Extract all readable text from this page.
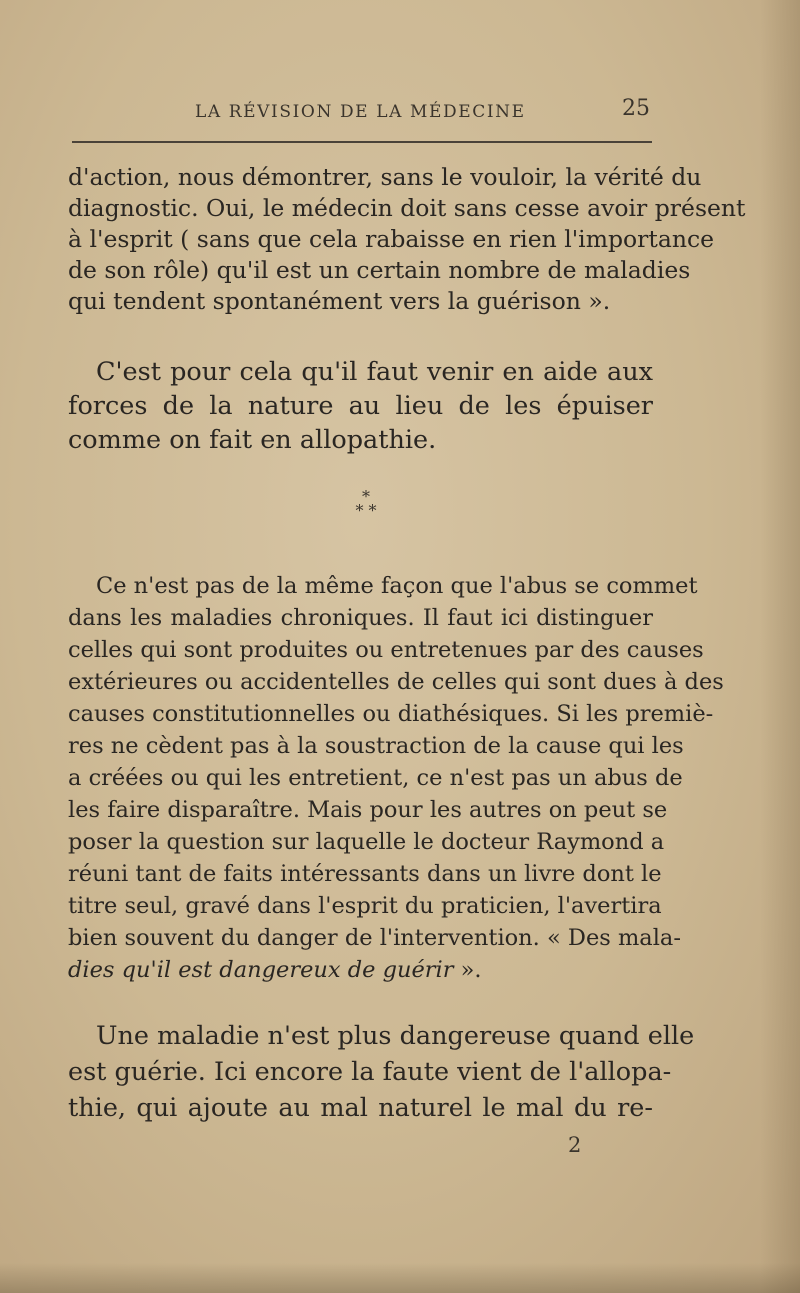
LA RÉVISION DE LA MÉDECINE	25
d'action, nous démontrer, sans le vouloir, la vérité du
diagnostic. Oui, le médecin doit sans cesse avoir présent
à l'esprit ( sans que cela rabaisse en rien l'importance
de son rôle) qu'il est un certain nombre de maladies
qui tendent spontanément vers la guérison ».
C'est pour cela qu'il faut venir en aide aux
forces de la nature au lieu de les épuiser
comme on fait en allopathie.
*
* *
Ce n'est pas de la même façon que l'abus se commet
dans les maladies chroniques. Il faut ici distinguer
celles qui sont produites ou entretenues par des causes
extérieures ou accidentelles de celles qui sont dues à des
causes constitutionnelles ou diathésiques. Si les premiè-
res ne cèdent pas à la soustraction de la cause qui les
a créées ou qui les entretient, ce n'est pas un abus de
les faire disparaître. Mais pour les autres on peut se
poser la question sur laquelle le docteur Raymond a
réuni tant de faits intéressants dans un livre dont le
titre seul, gravé dans l'esprit du praticien, l'avertira
bien souvent du danger de l'intervention. « Des mala-
dies qu'il est dangereux de guérir ».
Une maladie n'est plus dangereuse quand elle
est guérie. Ici encore la faute vient de l'allopa-
thie, qui ajoute au mal naturel le mal du re-
2
